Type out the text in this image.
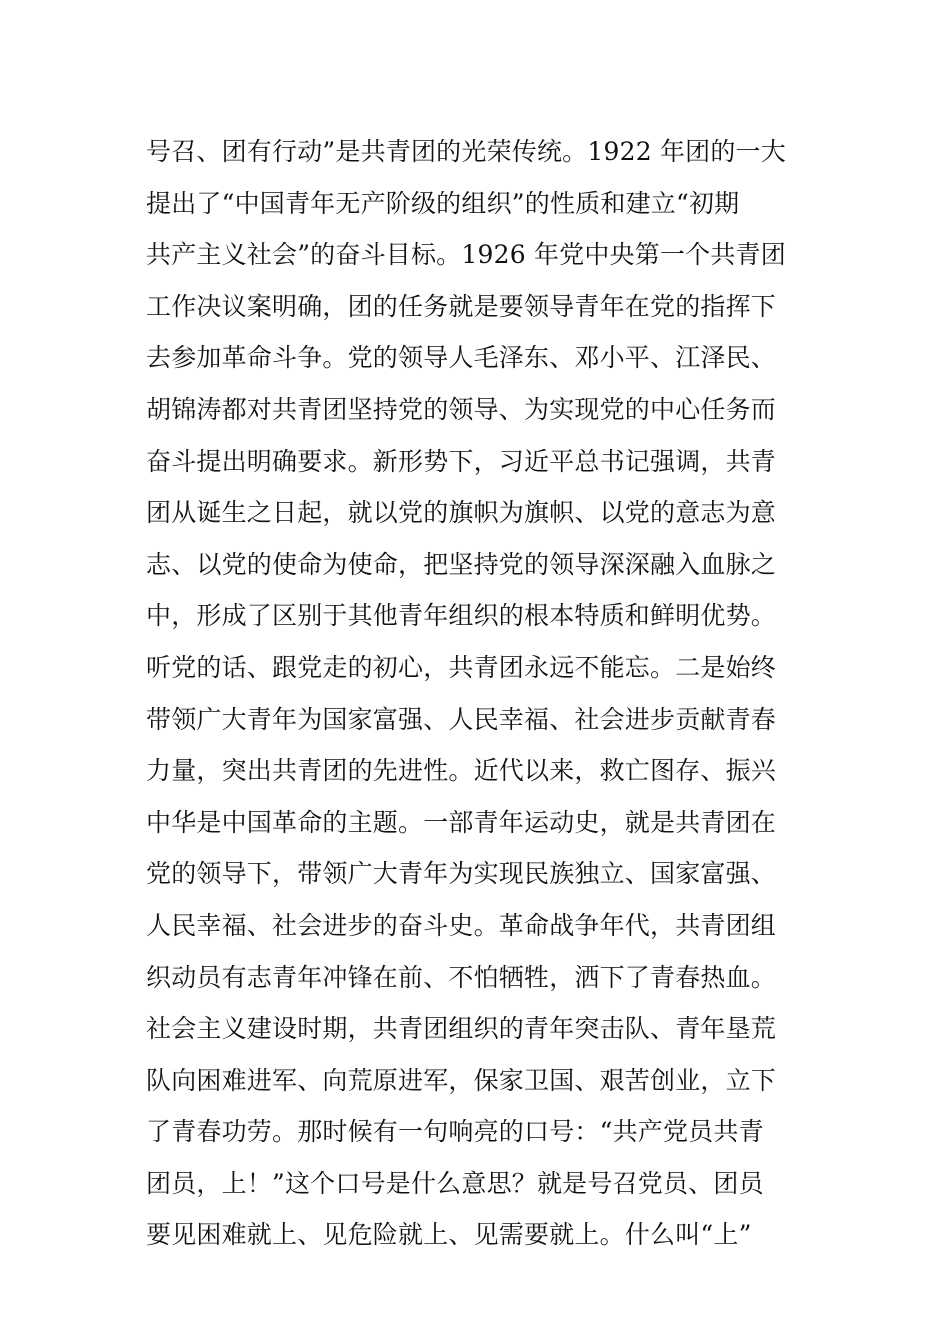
号召、团有行动”是共青团的光荣传统。1922 年团的一大
提出了“中国青年无产阶级的组织”的性质和建立“初期
共产主义社会”的奋斗目标。1926 年党中央第一个共青团
工作决议案明确，团的任务就是要领导青年在党的指挥下
去参加革命斗争。党的领导人毛泽东、邓小平、江泽民、
胡锦涛都对共青团坚持党的领导、为实现党的中心任务而
奋斗提出明确要求。新形势下，习近平总书记强调，共青
团从诞生之日起，就以党的旗帜为旗帜、以党的意志为意
志、以党的使命为使命，把坚持党的领导深深融入血脉之
中，形成了区别于其他青年组织的根本特质和鲜明优势。
听党的话、跟党走的初心，共青团永远不能忘。二是始终
带领广大青年为国家富强、人民幸福、社会进步贡献青春
力量，突出共青团的先进性。近代以来，救亡图存、振兴
中华是中国革命的主题。一部青年运动史，就是共青团在
党的领导下，带领广大青年为实现民族独立、国家富强、
人民幸福、社会进步的奋斗史。革命战争年代，共青团组
织动员有志青年冲锋在前、不怕牺牲，洒下了青春热血。
社会主义建设时期，共青团组织的青年突击队、青年垦荒
队向困难进军、向荒原进军，保家卫国、艰苦创业，立下
了青春功劳。那时候有一句响亮的口号：“共产党员共青
团员，上！”这个口号是什么意思？就是号召党员、团员
要见困难就上、见危险就上、见需要就上。什么叫“上”
